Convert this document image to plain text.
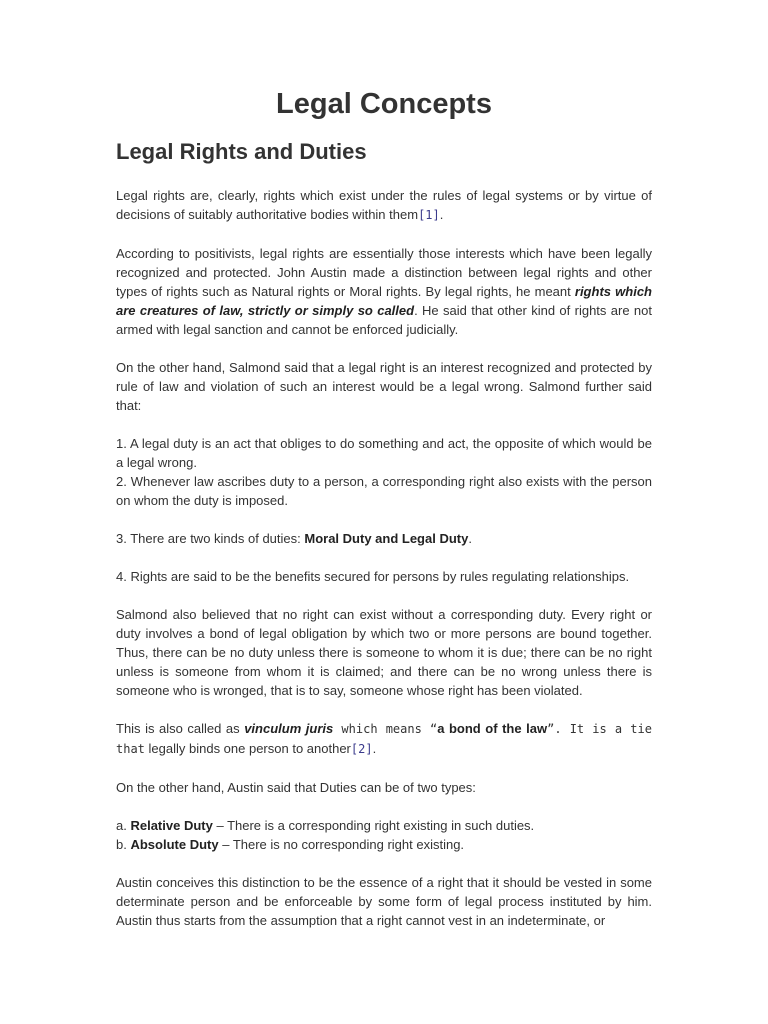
Legal Concepts
Legal Rights and Duties

Legal rights are, clearly, rights which exist under the rules of legal systems or by virtue of decisions of suitably authoritative bodies within them[1].

According to positivists, legal rights are essentially those interests which have been legally recognized and protected. John Austin made a distinction between legal rights and other types of rights such as Natural rights or Moral rights. By legal rights, he meant rights which are creatures of law, strictly or simply so called. He said that other kind of rights are not armed with legal sanction and cannot be enforced judicially.

On the other hand, Salmond said that a legal right is an interest recognized and protected by rule of law and violation of such an interest would be a legal wrong. Salmond further said that:

1. A legal duty is an act that obliges to do something and act, the opposite of which would be a legal wrong.

2. Whenever law ascribes duty to a person, a corresponding right also exists with the person on whom the duty is imposed.

3. There are two kinds of duties: Moral Duty and Legal Duty.

4. Rights are said to be the benefits secured for persons by rules regulating relationships.

Salmond also believed that no right can exist without a corresponding duty. Every right or duty involves a bond of legal obligation by which two or more persons are bound together. Thus, there can be no duty unless there is someone to whom it is due; there can be no right unless is someone from whom it is claimed; and there can be no wrong unless there is someone who is wronged, that is to say, someone whose right has been violated.

This is also called as vinculum juris which means “a bond of the law”. It is a tie that legally binds one person to another[2].

On the other hand, Austin said that Duties can be of two types:

a. Relative Duty – There is a corresponding right existing in such duties.

b. Absolute Duty – There is no corresponding right existing.

Austin conceives this distinction to be the essence of a right that it should be vested in some determinate person and be enforceable by some form of legal process instituted by him. Austin thus starts from the assumption that a right cannot vest in an indeterminate, or
